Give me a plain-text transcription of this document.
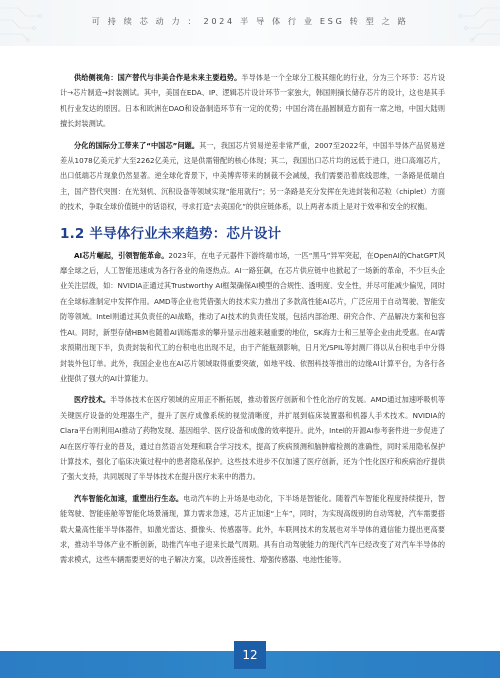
可 持 续 芯 动 力 ： 2024 半 导 体 行 业 ESG 转 型 之 路

供给侧视角：国产替代与非美合作是未来主要趋势。半导体是一个全球分工极其细化的行业，分为三个环节：芯片设计→芯片制造→封装测试。其中，美国在EDA、IP、逻辑芯片设计环节一家独大，韩国则摘长储存芯片的设计，这也是其手机行业发达的原因。日本和欧洲在DAO和设备制造环节有一定的优势；中国台湾在晶圆制造方面有一席之地，中国大陆则擅长封装测试。

分化的国际分工带来了“中国芯”问题。其一，我国芯片贸易逆差非常严重，2007至2022年，中国半导体产品贸易逆差从1078亿美元扩大至2262亿美元，这是供需错配的核心体现；其二，我国出口芯片均的远低于进口，进口高端芯片，出口低端芯片现象仍然显著。逆全球化背景下，中美博弈带来的制裁不会减缓，我们需要沿着底线思维，一条路是低端自主，国产替代突围：在光刻机、沉积设备等领域实现“能用就行”；另一条路是充分发挥在先进封装和芯粒（chiplet）方面的技术，争取全球价值链中的话语权，寻求打造“去美国化”的供应链体系，以上两者本质上是对于效率和安全的权衡。

1.2 半导体行业未来趋势：芯片设计

AI芯片崛起，引领智能革命。2023年，在电子元器件下游终端市场，一匹“黑马”异军突起，在OpenAI的ChatGPT风靡全球之后，人工智能迅速成为各行各业的角逐热点。AI一路狂飙，在芯片供应链中也掀起了一场新的革命，不少巨头企业关注层级，如：NVIDIA正通过其Trustworthy AI框架确保AI模型的合规性、透明度、安全性，并尽可能减少偏见，同时在全球标准制定中发挥作用。AMD等企业也凭借强大的技术实力推出了多款高性能AI芯片，广泛应用于自动驾驶、智能安防等领域。Intel则通过其负责任的AI战略，推动了AI技术的负责任发展，包括内部治理、研究合作、产品解决方案和包容性AI。同时，新型存储HBM也随着AI训练需求的攀升显示出越来越重要的地位，SK海力士和三星等企业由此受惠。在AI需求预期出现下半，负责封装和代工的台积电也出现不足，由于产能瓶颈影响，日月光/SPIL等封测厂得以从台积电手中分得封装外包订单。此外，我国企业也在AI芯片领域取得重要突破，如地平线、依图科技等推出的边缘AI计算平台，为各行各业提供了强大的AI计算能力。

医疗技术。半导体技术在医疗领域的应用正不断拓展，推动着医疗创新和个性化治疗的发展。AMD通过加速呼吸机等关键医疗设备的处理器生产，提升了医疗成像系统的视觉清晰度，并扩展到临床装置器和机器人手术技术。NVIDIA的Clara平台则利用AI推动了药物发现、基因组学、医疗设备和成像的效率提升。此外，Intel的开源AI参考套件进一步促进了AI在医疗等行业的普及，通过自然语言处理和联合学习技术，提高了疾病预测和脑肿瘤检测的准确性，同时采用隐私保护计算技术，强化了临床决策过程中的患者隐私保护。这些技术进步不仅加速了医疗创新，还为个性化医疗和疾病治疗提供了强大支持，共同展现了半导体技术在提升医疗未来中的潜力。

汽车智能化加速，重塑出行生态。电动汽车的上升场是电动化，下半场是智能化。随着汽车智能化程度持续提升，智能驾驶、智能座舱等智能化场景涌现，算力需求急速，芯片正加速“上车”，同时，为实现高级别的自动驾驶，汽车需要搭载大量高性能半导体器件，如激光雷达、摄像头、传感器等。此外，车联网技术的发展也对半导体的通信能力提出更高要求，推动半导体产业不断创新，助推汽车电子迎来长最气周期。具有自动驾驶能力的现代汽车已经改变了对汽车半导体的需求模式，这些车辆需要更好的电子解决方案，以改善连接性、增强传感器、电池性能等。

12
